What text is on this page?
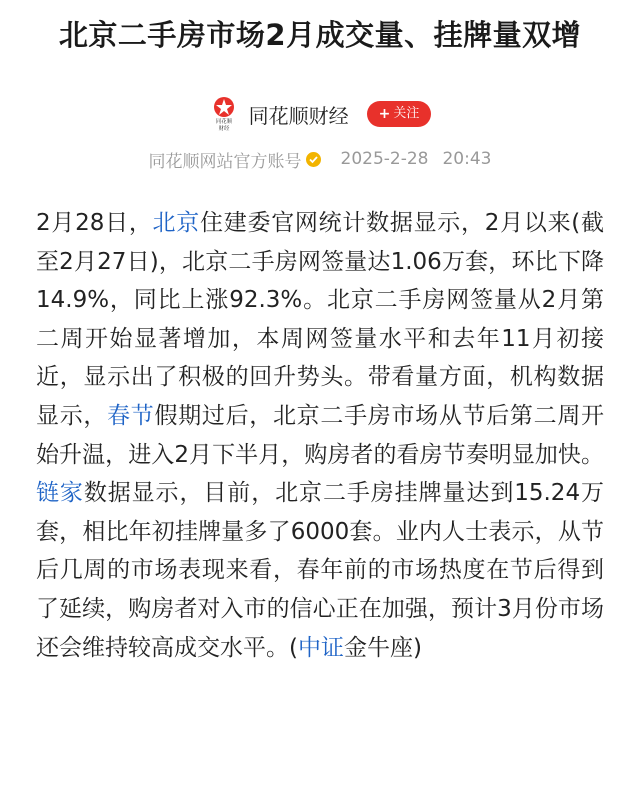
北京二手房市场2月成交量、挂牌量双增
同花顺
财经
同花顺财经 + 关注
同花顺网站官方账号 2025-2-28 20:43
2月28日，北京住建委官网统计数据显示，2月以来(截至2月27日)，北京二手房网签量达1.06万套，环比下降14.9%，同比上涨92.3%。北京二手房网签量从2月第二周开始显著增加，本周网签量水平和去年11月初接近，显示出了积极的回升势头。带看量方面，机构数据显示，春节假期过后，北京二手房市场从节后第二周开始升温，进入2月下半月，购房者的看房节奏明显加快。链家数据显示，目前，北京二手房挂牌量达到15.24万套，相比年初挂牌量多了6000套。业内人士表示，从节后几周的市场表现来看，春年前的市场热度在节后得到了延续，购房者对入市的信心正在加强，预计3月份市场还会维持较高成交水平。(中证金牛座)
